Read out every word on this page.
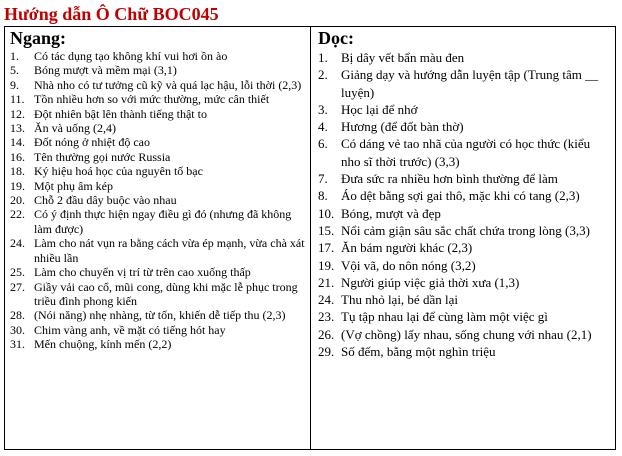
Hướng dẫn Ô Chữ BOC045
Ngang:
1.	Có tác dụng tạo không khí vui hơi ồn ào
5.	Bóng mượt và mềm mại (3,1)
9.	Nhà nho có tư tưởng cũ kỹ và quá lạc hậu, lỗi thời (2,3)
11. Tồn nhiều hơn so với mức thường, mức cân thiết
12. Đột nhiên bật lên thành tiếng thật to
13. Ăn và uống (2,4)
14. Đốt nóng ở nhiệt độ cao
16. Tên thường gọi nước Russia
18. Ký hiệu hoá học của nguyên tố bạc
19. Một phụ âm kép
20. Chỗ 2 đầu dây buộc vào nhau
22. Có ý định thực hiện ngay điều gì đó (nhưng đã không làm được)
24. Làm cho nát vụn ra bằng cách vừa ép mạnh, vừa chà xát nhiều lần
25. Làm cho chuyển vị trí từ trên cao xuống thấp
27. Giầy vải cao cổ, mũi cong, dùng khi mặc lễ phục trong triều đình phong kiến
28. (Nói năng) nhẹ nhàng, từ tốn, khiến dễ tiếp thu (2,3)
30. Chim vàng anh, về mặt có tiếng hót hay
31. Mến chuộng, kính mến (2,2)
Dọc:
1.	Bị dây vết bẩn màu đen
2.	Giảng dạy và hướng dẫn luyện tập (Trung tâm __ luyện)
3.	Học lại để nhớ
4.	Hương (để đốt bàn thờ)
6.	Có dáng vẻ tao nhã của người có học thức (kiểu nho sĩ thời trước) (3,3)
7.	Đưa sức ra nhiều hơn bình thường để làm
8.	Áo dệt bằng sợi gai thô, mặc khi có tang (2,3)
10. Bóng, mượt và đẹp
15. Nổi cảm giận sâu sắc chất chứa trong lòng (3,3)
17. Ăn bám người khác (2,3)
19. Vội vã, do nôn nóng (3,2)
21. Người giúp việc giả thời xưa (1,3)
24. Thu nhỏ lại, bé dần lại
23. Tụ tập nhau lại để cùng làm một việc gì
26. (Vợ chồng) lấy nhau, sống chung với nhau (2,1)
29. Số đếm, bằng một nghìn triệu
